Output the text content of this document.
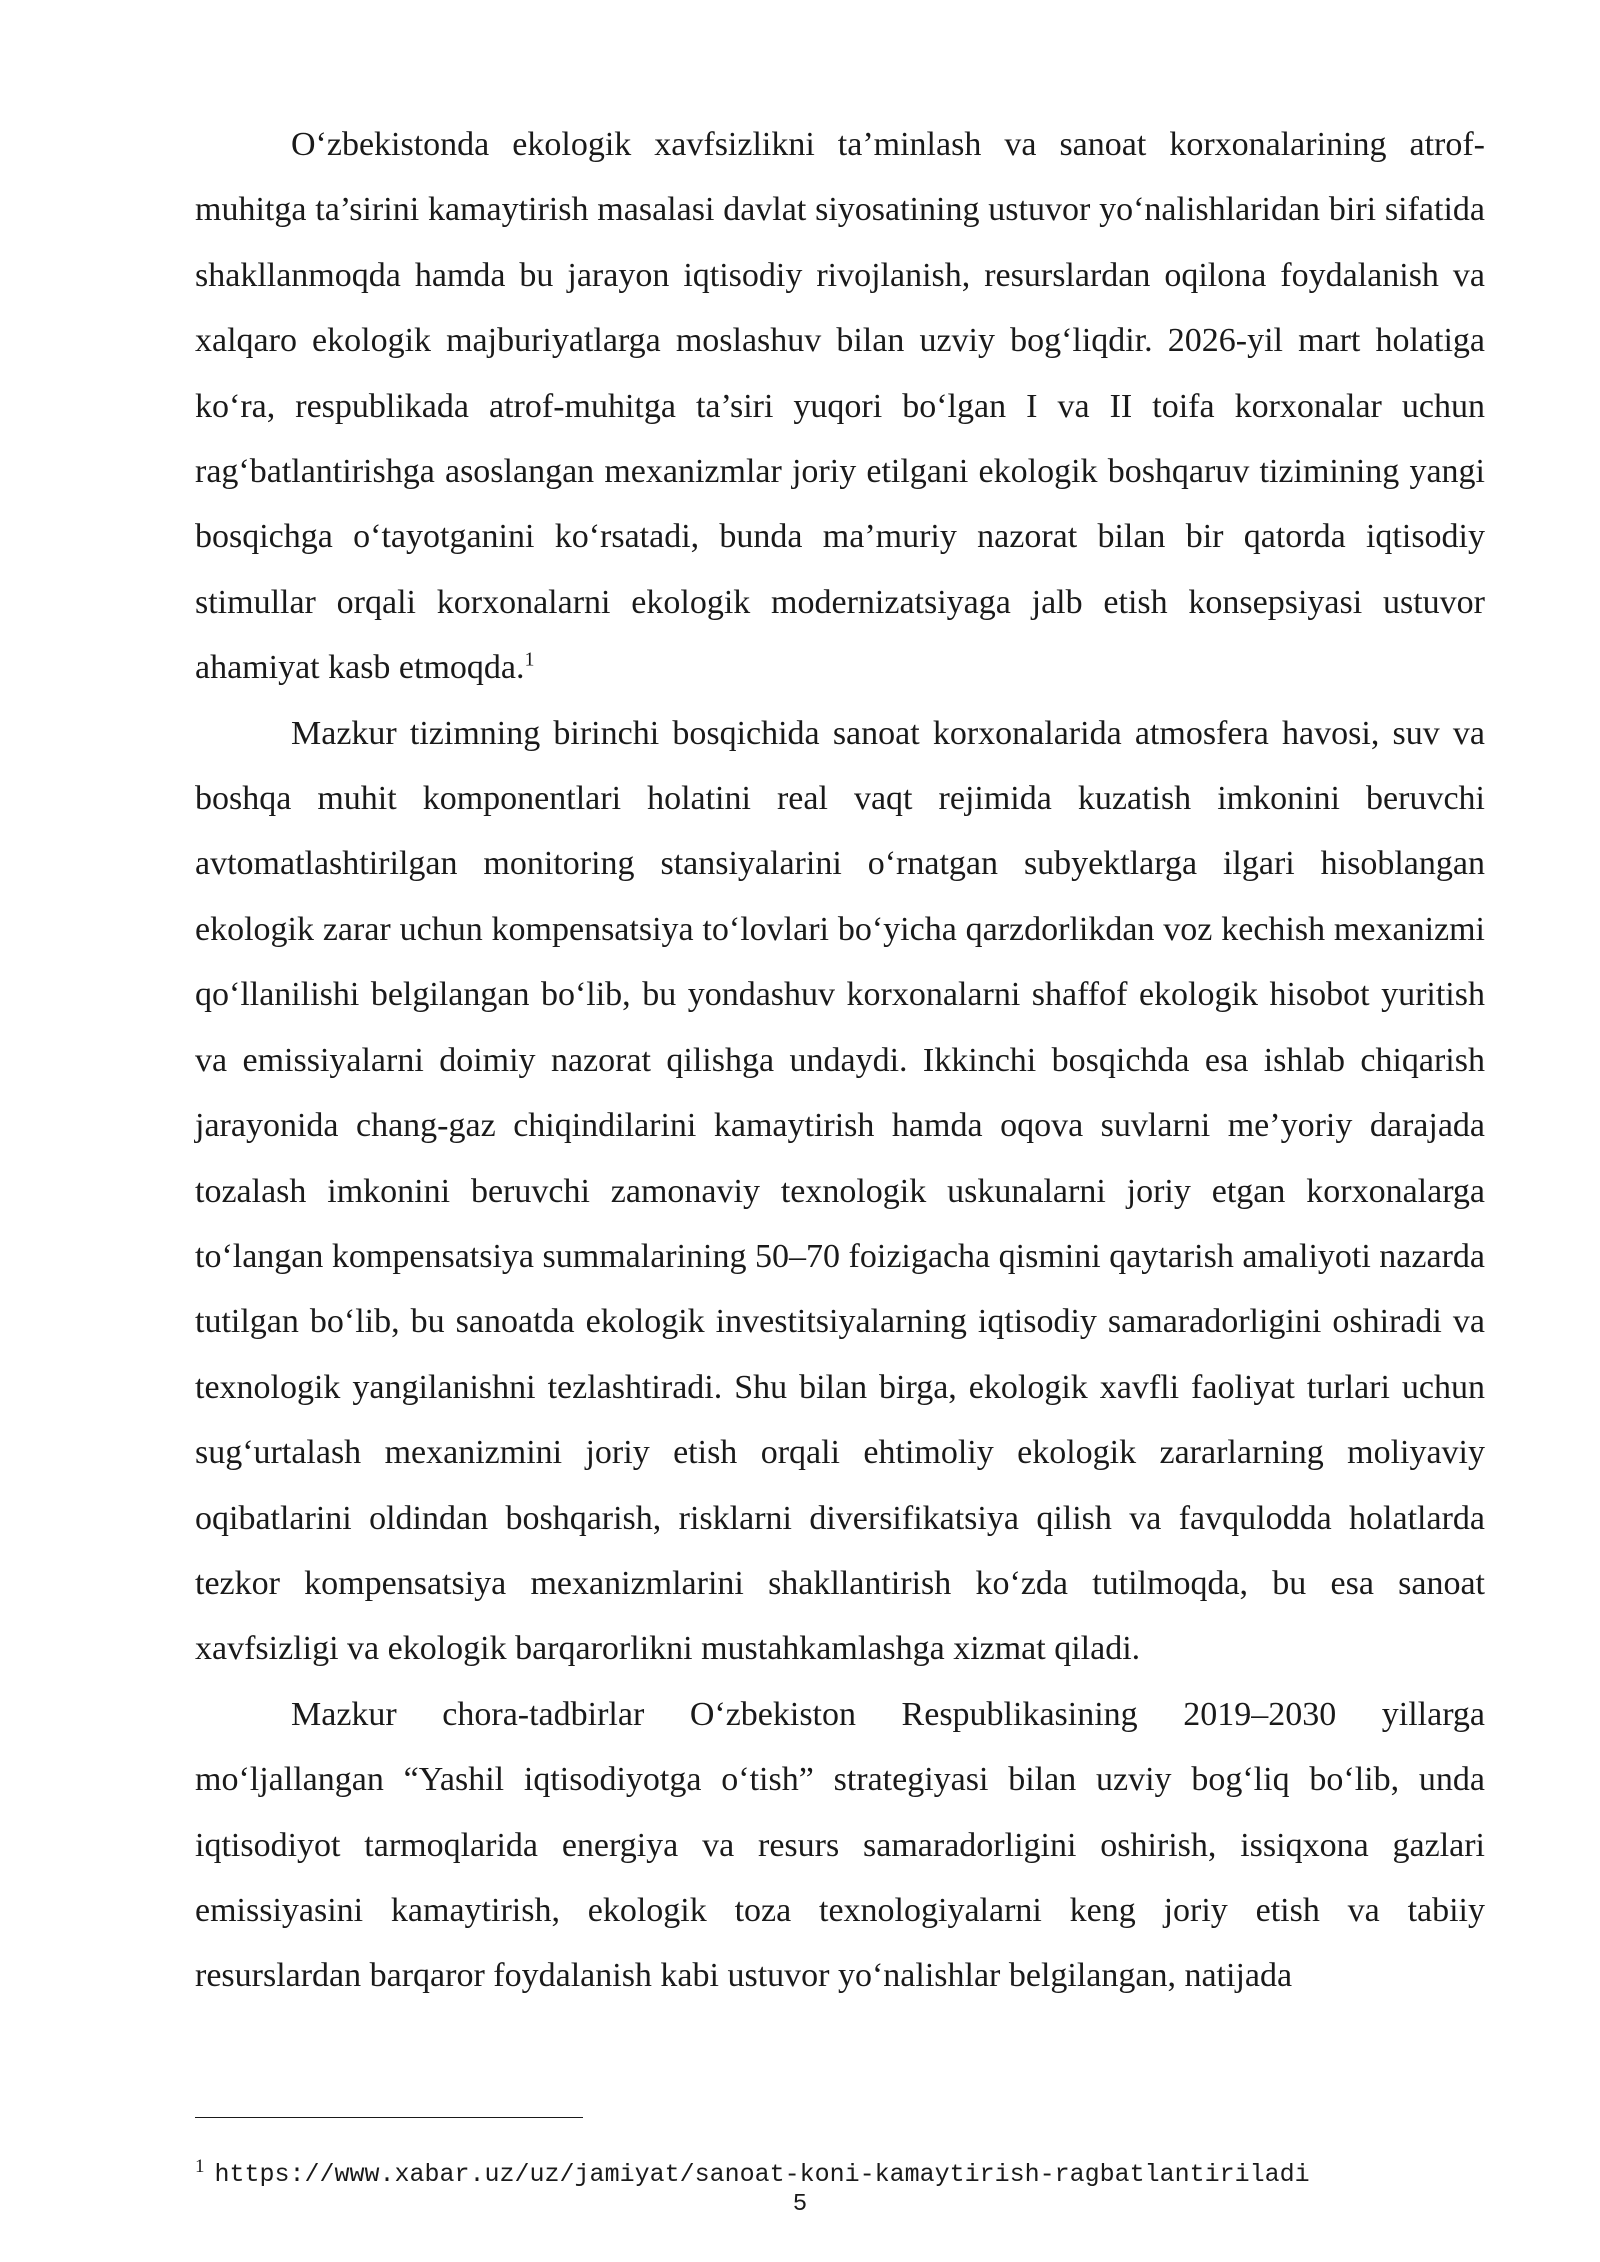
O‘zbekistonda ekologik xavfsizlikni ta’minlash va sanoat korxonalarining atrof-muhitga ta’sirini kamaytirish masalasi davlat siyosatining ustuvor yo‘nalishlaridan biri sifatida shakllanmoqda hamda bu jarayon iqtisodiy rivojlanish, resurslardan oqilona foydalanish va xalqaro ekologik majburiyatlarga moslashuv bilan uzviy bog‘liqdir. 2026-yil mart holatiga ko‘ra, respublikada atrof-muhitga ta’siri yuqori bo‘lgan I va II toifa korxonalar uchun rag‘batlantirishga asoslangan mexanizmlar joriy etilgani ekologik boshqaruv tizimining yangi bosqichga o‘tayotganini ko‘rsatadi, bunda ma’muriy nazorat bilan bir qatorda iqtisodiy stimullar orqali korxonalarni ekologik modernizatsiyaga jalb etish konsepsiyasi ustuvor ahamiyat kasb etmoqda.$^1$

Mazkur tizimning birinchi bosqichida sanoat korxonalarida atmosfera havosi, suv va boshqa muhit komponentlari holatini real vaqt rejimida kuzatish imkonini beruvchi avtomatlashtirilgan monitoring stansiyalarini o‘rnatgan subyektlarga ilgari hisoblangan ekologik zarar uchun kompensatsiya to‘lovlari bo‘yicha qarzdorlikdan voz kechish mexanizmi qo‘llanilishi belgilangan bo‘lib, bu yondashuv korxonalarni shaffof ekologik hisobot yuritish va emissiyalarni doimiy nazorat qilishga undaydi. Ikkinchi bosqichda esa ishlab chiqarish jarayonida chang-gaz chiqindilarini kamaytirish hamda oqova suvlarni me’yoriy darajada tozalash imkonini beruvchi zamonaviy texnologik uskunalarni joriy etgan korxonalarga to‘langan kompensatsiya summalarining 50–70 foizigacha qismini qaytarish amaliyoti nazarda tutilgan bo‘lib, bu sanoatda ekologik investitsiyalarning iqtisodiy samaradorligini oshiradi va texnologik yangilanishni tezlashtiradi. Shu bilan birga, ekologik xavfli faoliyat turlari uchun sug‘urtalash mexanizmini joriy etish orqali ehtimoliy ekologik zararlarning moliyaviy oqibatlarini oldindan boshqarish, risklarni diversifikatsiya qilish va favqulodda holatlarda tezkor kompensatsiya mexanizmlarini shakllantirish ko‘zda tutilmoqda, bu esa sanoat xavfsizligi va ekologik barqarorlikni mustahkamlashga xizmat qiladi.

Mazkur chora-tadbirlar O‘zbekiston Respublikasining 2019–2030 yillarga mo‘ljallangan “Yashil iqtisodiyotga o‘tish” strategiyasi bilan uzviy bog‘liq bo‘lib, unda iqtisodiyot tarmoqlarida energiya va resurs samaradorligini oshirish, issiqxona gazlari emissiyasini kamaytirish, ekologik toza texnologiyalarni keng joriy etish va tabiiy resurslardan barqaror foydalanish kabi ustuvor yo‘nalishlar belgilangan, natijada

$^1$ https://www.xabar.uz/uz/jamiyat/sanoat-koni-kamaytirish-ragbatlantiriladi
5
